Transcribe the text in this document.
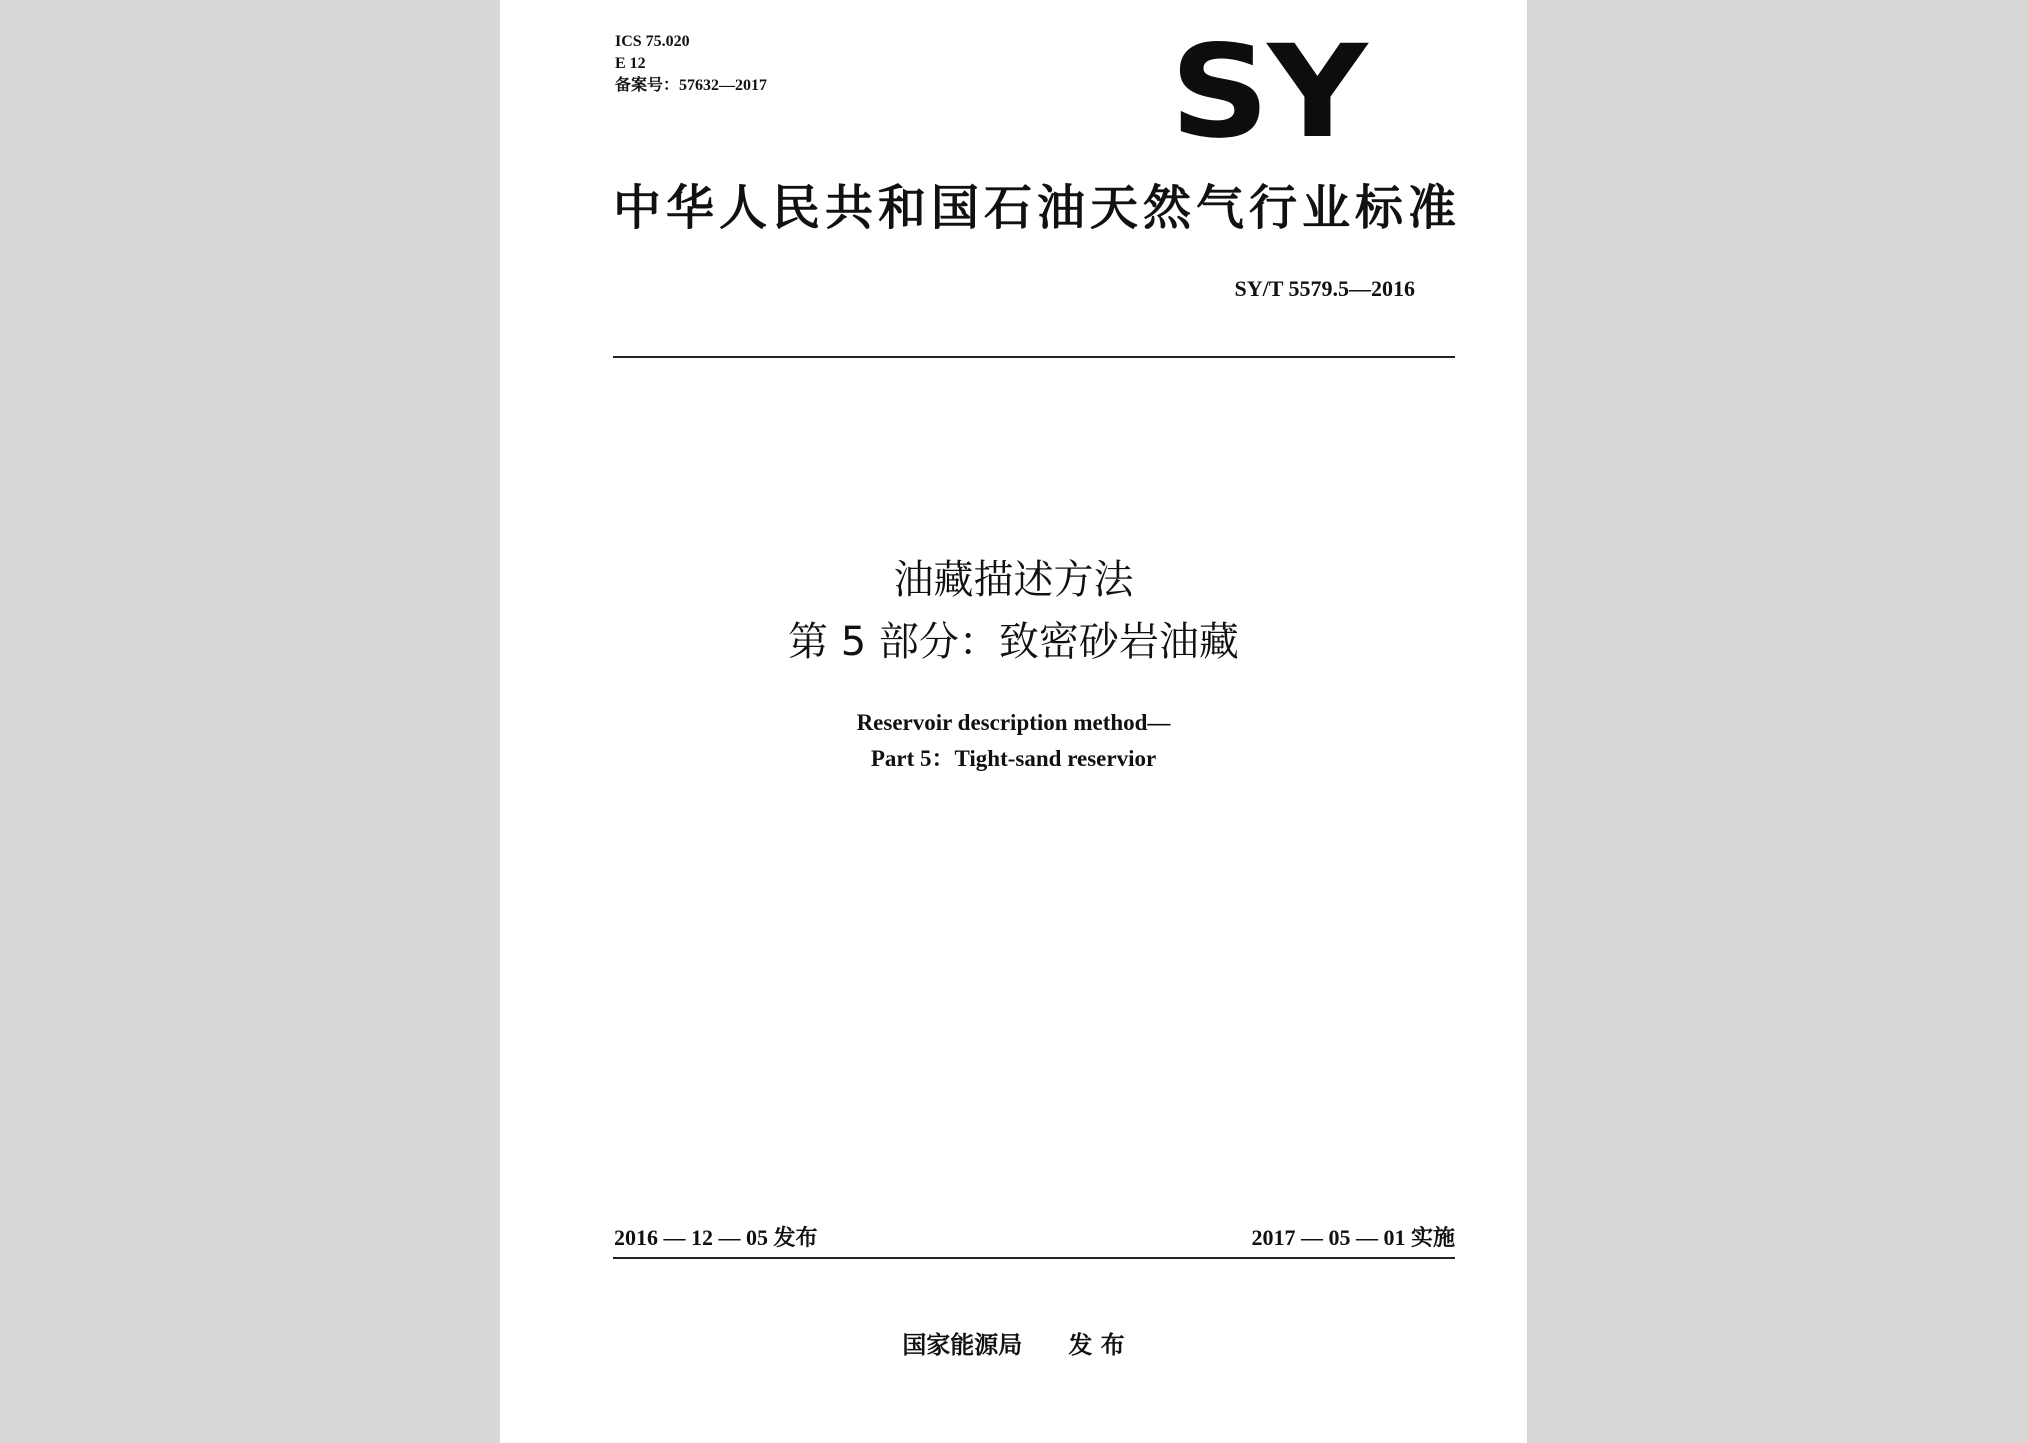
ICS 75.020
E 12
备案号：57632—2017	SY
中华人民共和国石油天然气行业标准
SY/T 5579.5—2016
油藏描述方法
第 5 部分：致密砂岩油藏
Reservoir description method—
Part 5：Tight-sand reservior
2016 — 12 — 05 发布	2017 — 05 — 01 实施
国家能源局 发 布
